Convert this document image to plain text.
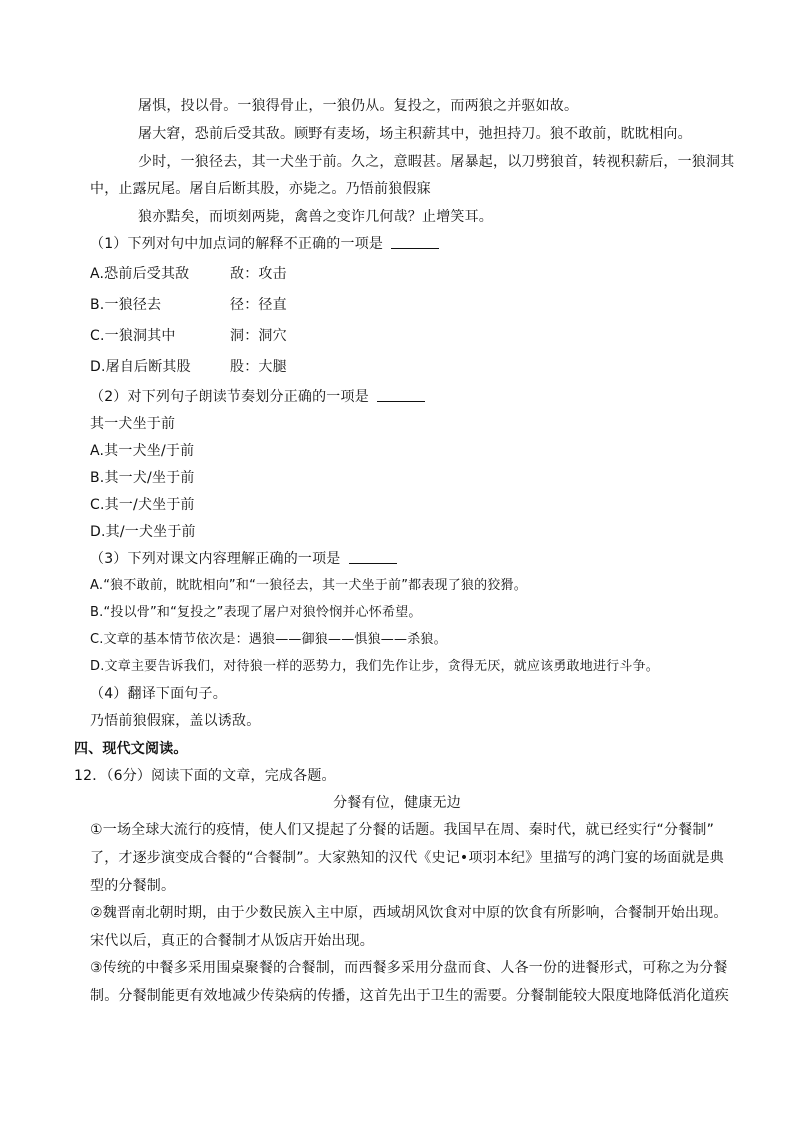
屠惧，投以骨。一狼得骨止，一狼仍从。复投之，而两狼之并驱如故。
屠大窘，恐前后受其敌。顾野有麦场，场主积薪其中，弛担持刀。狼不敢前，眈眈相向。
少时，一狼径去，其一犬坐于前。久之，意暇甚。屠暴起，以刀劈狼首，转视积薪后，一狼洞其
中，止露尻尾。屠自后断其股，亦毙之。乃悟前狼假寐
狼亦黠矣，而顷刻两毙，禽兽之变诈几何哉？止增笑耳。
（1）下列对句中加点词的解释不正确的一项是
A.恐前后受其敌	敌：攻击
B.一狼径去	径：径直
C.一狼洞其中	洞：洞穴
D.屠自后断其股	股：大腿
（2）对下列句子朗读节奏划分正确的一项是
其一犬坐于前
A.其一犬坐/于前
B.其一犬/坐于前
C.其一/犬坐于前
D.其/一犬坐于前
（3）下列对课文内容理解正确的一项是
A.“狼不敢前，眈眈相向”和“一狼径去，其一犬坐于前”都表现了狼的狡猾。
B.“投以骨”和“复投之”表现了屠户对狼怜悯并心怀希望。
C.文章的基本情节依次是：遇狼——御狼——惧狼——杀狼。
D.文章主要告诉我们，对待狼一样的恶势力，我们先作让步，贪得无厌，就应该勇敢地进行斗争。
（4）翻译下面句子。
乃悟前狼假寐，盖以诱敌。
四、现代文阅读。
12．（6分）阅读下面的文章，完成各题。
分餐有位，健康无边
①一场全球大流行的疫情，使人们又提起了分餐的话题。我国早在周、秦时代，就已经实行“分餐制”
了，才逐步演变成合餐的“合餐制”。大家熟知的汉代《史记•项羽本纪》里描写的鸿门宴的场面就是典
型的分餐制。
②魏晋南北朝时期，由于少数民族入主中原，西域胡风饮食对中原的饮食有所影响，合餐制开始出现。
宋代以后，真正的合餐制才从饭店开始出现。
③传统的中餐多采用围桌聚餐的合餐制，而西餐多采用分盘而食、人各一份的进餐形式，可称之为分餐
制。分餐制能更有效地减少传染病的传播，这首先出于卫生的需要。分餐制能较大限度地降低消化道疾
